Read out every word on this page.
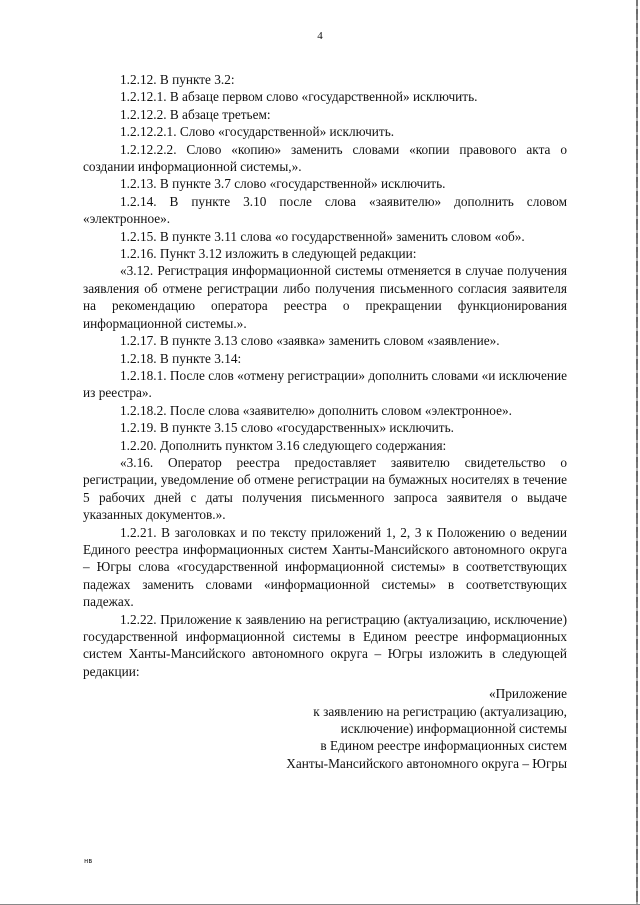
4

1.2.12. В пункте 3.2:

1.2.12.1. В абзаце первом слово «государственной» исключить.

1.2.12.2. В абзаце третьем:

1.2.12.2.1. Слово «государственной» исключить.

1.2.12.2.2. Слово «копию» заменить словами «копии правового акта о создании информационной системы,».

1.2.13. В пункте 3.7 слово «государственной» исключить.

1.2.14. В пункте 3.10 после слова «заявителю» дополнить словом «электронное».

1.2.15. В пункте 3.11 слова «о государственной» заменить словом «об».

1.2.16. Пункт 3.12 изложить в следующей редакции:

«3.12. Регистрация информационной системы отменяется в случае получения заявления об отмене регистрации либо получения письменного согласия заявителя на рекомендацию оператора реестра о прекращении функционирования информационной системы.».

1.2.17. В пункте 3.13 слово «заявка» заменить словом «заявление».

1.2.18. В пункте 3.14:

1.2.18.1. После слов «отмену регистрации» дополнить словами «и исключение из реестра».

1.2.18.2. После слова «заявителю» дополнить словом «электронное».

1.2.19. В пункте 3.15 слово «государственных» исключить.

1.2.20. Дополнить пунктом 3.16 следующего содержания:

«3.16. Оператор реестра предоставляет заявителю свидетельство о регистрации, уведомление об отмене регистрации на бумажных носителях в течение 5 рабочих дней с даты получения письменного запроса заявителя о выдаче указанных документов.».

1.2.21. В заголовках и по тексту приложений 1, 2, 3 к Положению о ведении Единого реестра информационных систем Ханты-Мансийского автономного округа – Югры слова «государственной информационной системы» в соответствующих падежах заменить словами «информационной системы» в соответствующих падежах.

1.2.22. Приложение к заявлению на регистрацию (актуализацию, исключение) государственной информационной системы в Едином реестре информационных систем Ханты-Мансийского автономного округа – Югры изложить в следующей редакции:

«Приложение

к заявлению на регистрацию (актуализацию,

исключение) информационной системы

в Едином реестре информационных систем

Ханты-Мансийского автономного округа – Югры

нв
